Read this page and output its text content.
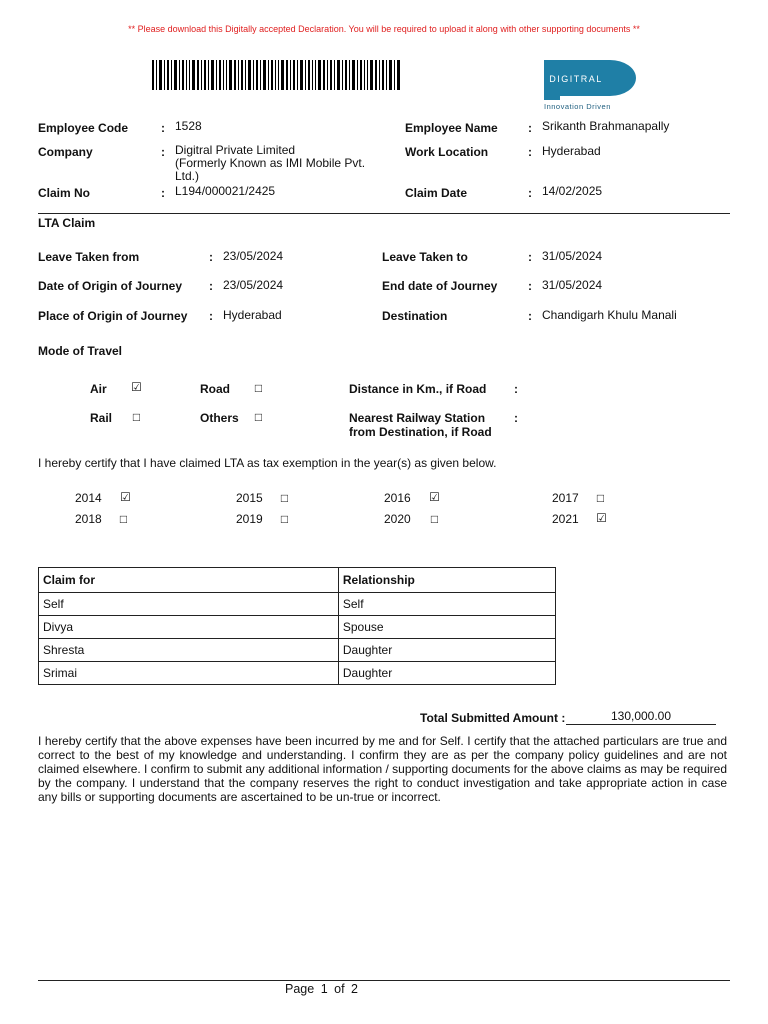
** Please download this Digitally accepted Declaration. You will be required to upload it along with other supporting documents **
DIGITRAL
Innovation Driven
Employee Code	: 1528	Employee Name	: Srikanth Brahmanapally
Company	: Digitral Private Limited
(Formerly Known as IMI Mobile Pvt.
Ltd.)
Work Location	: Hyderabad
Claim No	: L194/000021/2425	Claim Date	: 14/02/2025
LTA Claim
Leave Taken from	: 23/05/2024	Leave Taken to	: 31/05/2024
Date of Origin of Journey : 23/05/2024	End date of Journey	: 31/05/2024
Place of Origin of Journey : Hyderabad	Destination	: Chandigarh Khulu Manali
Mode of Travel
Air ☑	Road □	Distance in Km., if Road :
Rail □	Others □	Nearest Railway Station
from Destination, if Road
:
I hereby certify that I have claimed LTA as tax exemption in the year(s) as given below.
2014 ☑	2015 □	2016 ☑	2017 □
2018 □	2019 □	2020 □	2021 ☑
Claim for	Relationship
Self	Self
Divya	Spouse
Shresta	Daughter
Srimai	Daughter
Total Submitted Amount :	130,000.00
I hereby certify that the above expenses have been incurred by me and for Self. I certify that the attached particulars are true and correct to the best of my knowledge and understanding. I confirm they are as per the company policy guidelines and are not claimed elsewhere. I confirm to submit any additional information / supporting documents for the above claims as may be required by the company. I understand that the company reserves the right to conduct investigation and take appropriate action in case any bills or supporting documents are ascertained to be un-true or incorrect.
Page 1 of 2
